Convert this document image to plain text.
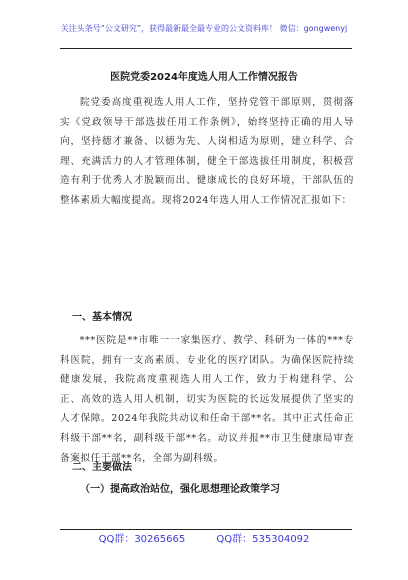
关注头条号“公文研究”，获得最新最全最专业的公文资料库！ 微信：gongwenyj
医院党委2024年度选人用人工作情况报告
院党委高度重视选人用人工作，坚持党管干部原则，贯彻落实《党政领导干部选拔任用工作条例》，始终坚持正确的用人导向，坚持德才兼备、以德为先、人岗相适为原则，建立科学、合理、充满活力的人才管理体制，健全干部选拔任用制度，积极营造有利于优秀人才脱颖而出、健康成长的良好环境，干部队伍的整体素质大幅度提高。现将2024年选人用人工作情况汇报如下：
一、基本情况
***医院是**市唯一一家集医疗、教学、科研为一体的***专科医院，拥有一支高素质、专业化的医疗团队。为确保医院持续健康发展，我院高度重视选人用人工作，致力于构建科学、公正、高效的选人用人机制，切实为医院的长远发展提供了坚实的人才保障。2024年我院共动议和任命干部**名。其中正式任命正科级干部**名，副科级干部**名。动议并报**市卫生健康局审查备案拟任干部**名，全部为副科级。
二、主要做法
（一）提高政治站位，强化思想理论政策学习
QQ群：30265665	QQ群：535304092
